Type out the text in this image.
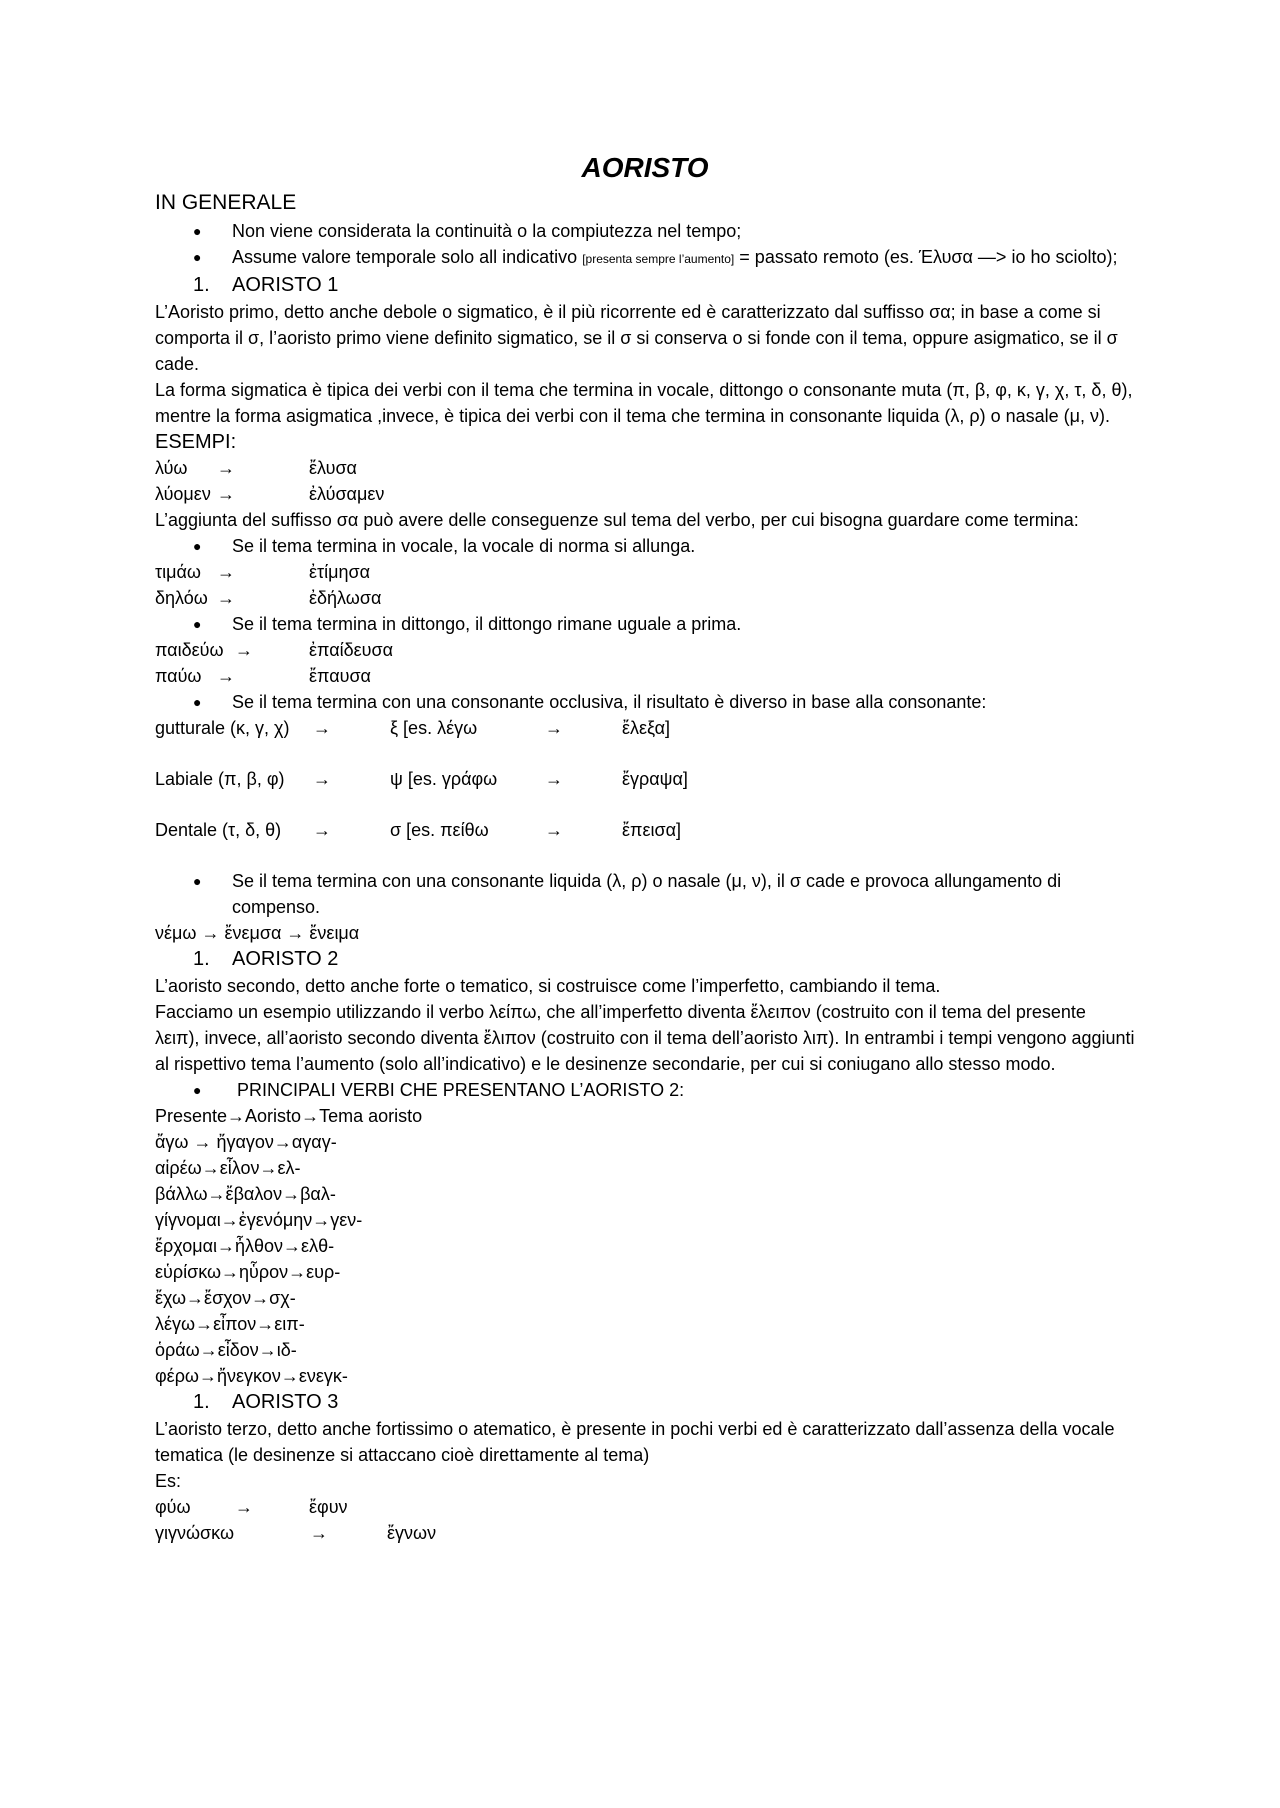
AORISTO
IN GENERALE
● Non viene considerata la continuità o la compiutezza nel tempo;
● Assume valore temporale solo all indicativo [presenta sempre l’aumento] = passato remoto (es. Έλυσα —> io ho sciolto);
1. AORISTO 1
L’Aoristo primo, detto anche debole o sigmatico, è il più ricorrente ed è caratterizzato dal suffisso σα; in base a come si comporta il σ, l’aoristo primo viene definito sigmatico, se il σ si conserva o si fonde con il tema, oppure asigmatico, se il σ cade.
La forma sigmatica è tipica dei verbi con il tema che termina in vocale, dittongo o consonante muta (π, β, φ, κ, γ, χ, τ, δ, θ), mentre la forma asigmatica ,invece, è tipica dei verbi con il tema che termina in consonante liquida (λ, ρ) o nasale (μ, ν).
ESEMPI:
λύω	→	ἔλυσα
λύομεν →	ἐλύσαμεν
L’aggiunta del suffisso σα può avere delle conseguenze sul tema del verbo, per cui bisogna guardare come termina:
● Se il tema termina in vocale, la vocale di norma si allunga.
τιμάω →	ἐτίμησα
δηλόω →	ἐδήλωσα
● Se il tema termina in dittongo, il dittongo rimane uguale a prima.
παιδεύω →	ἐπαίδευσα
παύω →	ἔπαυσα
● Se il tema termina con una consonante occlusiva, il risultato è diverso in base alla consonante:
gutturale (κ, γ, χ)	→	ξ [es. λέγω	→	ἔλεξα]
Labiale (π, β, φ)	→	ψ [es. γράφω	→	ἔγραψα]
Dentale (τ, δ, θ)	→	σ [es. πείθω	→	ἔπεισα]
● Se il tema termina con una consonante liquida (λ, ρ) o nasale (μ, ν), il σ cade e provoca allungamento di compenso.
νέμω → ἔνεμσα → ἔνειμα
1. AORISTO 2
L’aoristo secondo, detto anche forte o tematico, si costruisce come l’imperfetto, cambiando il tema.
Facciamo un esempio utilizzando il verbo λείπω, che all’imperfetto diventa ἔλειπον (costruito con il tema del presente λειπ), invece, all’aoristo secondo diventa ἔλιπον (costruito con il tema dell’aoristo λιπ). In entrambi i tempi vengono aggiunti al rispettivo tema l’aumento (solo all’indicativo) e le desinenze secondarie, per cui si coniugano allo stesso modo.
● PRINCIPALI VERBI CHE PRESENTANO L’AORISTO 2:
Presente→Aoristo→Tema aoristo
ἄγω → ἤγαγον→αγαγ-
αἱρέω→εἷλον→ελ-
βάλλω→ἔβαλον→βαλ-
γίγνομαι→ἐγενόμην→γεν-
ἔρχομαι→ἦλθον→ελθ-
εὑρίσκω→ηὗρον→ευρ-
ἔχω→ἔσχον→σχ-
λέγω→εἶπον→ειπ-
ὁράω→εἶδον→ιδ-
φέρω→ἤνεγκον→ενεγκ-
1. AORISTO 3
L’aoristo terzo, detto anche fortissimo o atematico, è presente in pochi verbi ed è caratterizzato dall’assenza della vocale tematica (le desinenze si attaccano cioè direttamente al tema)
Es:
φύω	→	ἔφυν
γιγνώσκω	→	ἔγνων
